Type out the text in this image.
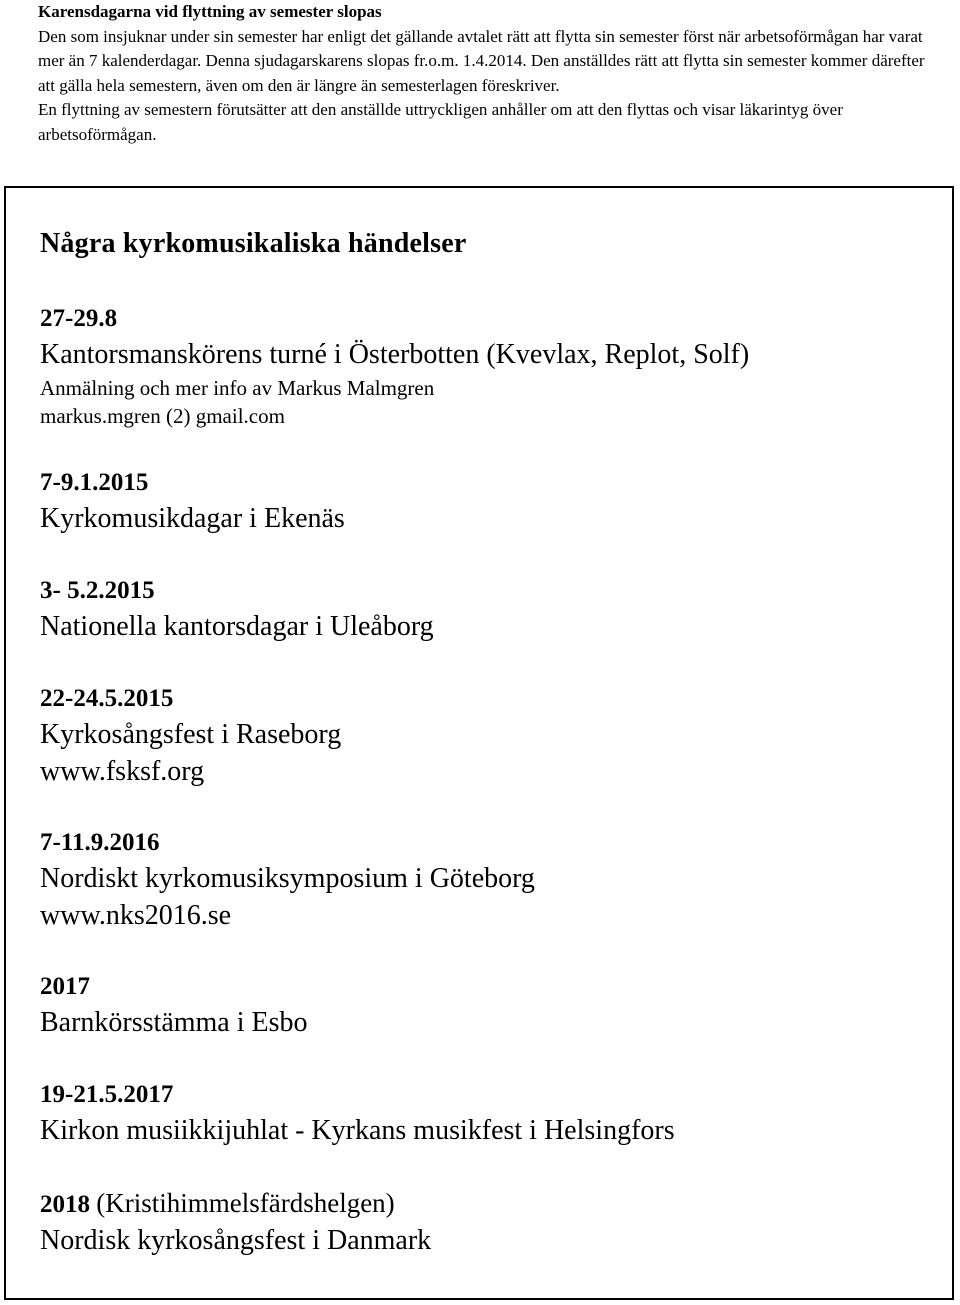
Karensdagarna vid flyttning av semester slopas

Den som insjuknar under sin semester har enligt det gällande avtalet rätt att flytta sin semester först när arbetsoförmågan har varat mer än 7 kalenderdagar. Denna sjudagarskarens slopas fr.o.m. 1.4.2014. Den anställdes rätt att flytta sin semester kommer därefter att gälla hela semestern, även om den är längre än semesterlagen föreskriver.

En flyttning av semestern förutsätter att den anställde uttryckligen anhåller om att den flyttas och visar läkarintyg över arbetsoförmågan.

Några kyrkomusikaliska händelser
27-29.8
Kantorsmanskörens turné i Österbotten (Kvevlax, Replot, Solf)
Anmälning och mer info av Markus Malmgren
markus.mgren (2) gmail.com
7-9.1.2015
Kyrkomusikdagar i Ekenäs
3- 5.2.2015
Nationella kantorsdagar i Uleåborg
22-24.5.2015
Kyrkosångsfest i Raseborg
www.fsksf.org
7-11.9.2016
Nordiskt kyrkomusiksymposium i Göteborg
www.nks2016.se
2017
Barnkörsstämma i Esbo
19-21.5.2017
Kirkon musiikkijuhlat - Kyrkans musikfest i Helsingfors
2018 (Kristihimmelsfärdshelgen)
Nordisk kyrkosångsfest i Danmark
